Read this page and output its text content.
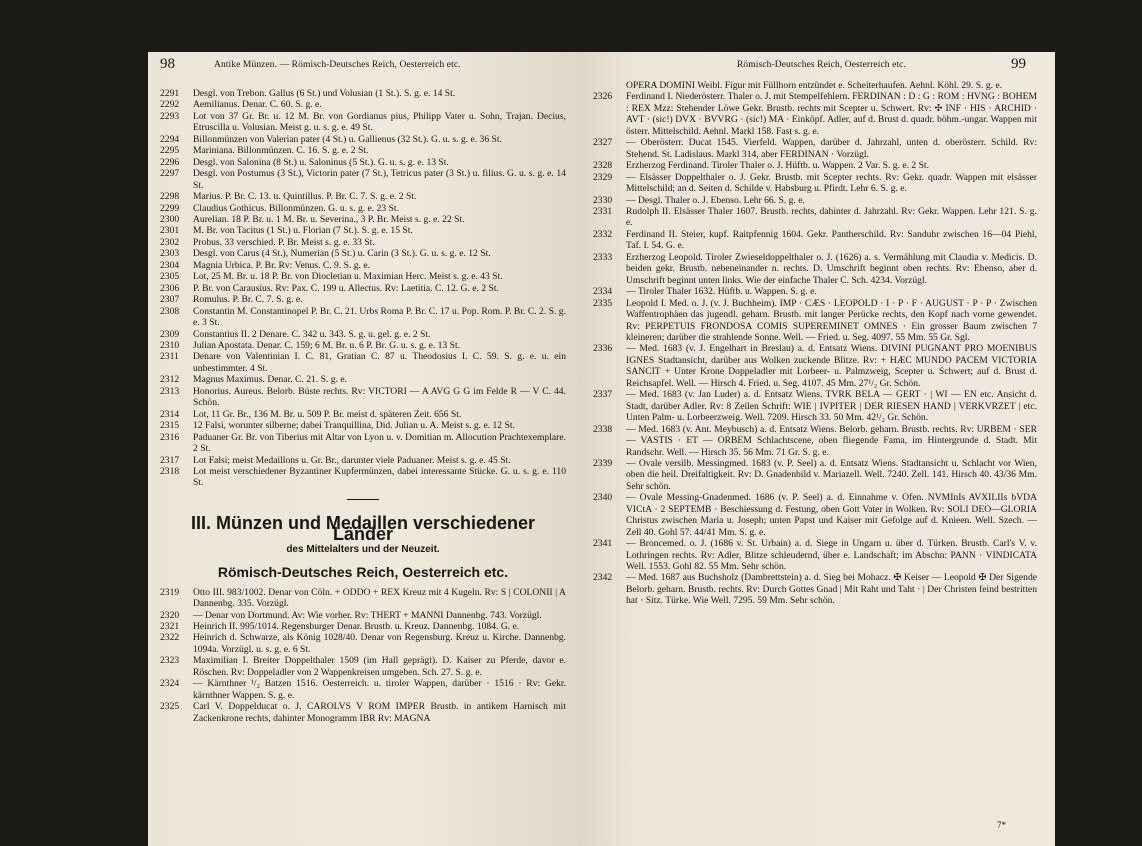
98	Antike Münzen. — Römisch-Deutsches Reich, Oesterreich etc.
2291 Desgl. von Trebon. Gallus (6 St.) und Volusian (1 St.). S. g. e. 14 St.
2292 Aemilianus. Denar. C. 60. S. g. e.
2293 Lot von 37 Gr. Br. u. 12 M. Br. von Gordianus pius, Philipp Vater u. Sohn, Trajan. Decius, Etruscilla u. Volusian. Meist g. u. s. g. e. 49 St.
2294 Billonmünzen von Valerian pater (4 St.) u. Gallienus (32 St.). G. u. s. g. e. 36 St.
2295 Mariniana. Billonmünzen. C. 16. S. g. e. 2 St.
2296 Desgl. von Salonina (8 St.) u. Saloninus (5 St.). G. u. s. g. e. 13 St.
2297 Desgl. von Postumus (3 St.), Victorin pater (7 St.), Tetricus pater (3 St.) u. filius. G. u. s. g. e. 14 St.
2298 Marius. P. Br. C. 13. u. Quintillus. P. Br. C. 7. S. g. e. 2 St.
2299 Claudius Gothicus. Billonmünzen. G. u. s. g. e. 23 St.
2300 Aurelian. 18 P. Br. u. 1 M. Br. u. Severina., 3 P. Br. Meist s. g. e. 22 St.
2301 M. Br. von Tacitus (1 St.) u. Florian (7 St.). S. g. e. 15 St.
2302 Probus. 33 verschied. P. Br. Meist s. g. e. 33 St.
2303 Desgl. von Carus (4 St.), Numerian (5 St.) u. Carin (3 St.). G. u. s. g. e. 12 St.
2304 Magnia Urbica. P. Br. Rv: Venus. C. 9. S. g. e.
2305 Lot, 25 M. Br. u. 18 P. Br. von Diocletian u. Maximian Herc. Meist s. g. e. 43 St.
2306 P. Br. von Carausius. Rv: Pax. C. 199 u. Allectus. Rv: Laetitia. C. 12. G. e. 2 St.
2307 Romulus. P. Br. C. 7. S. g. e.
2308 Constantin M. Constantinopel P. Br. C. 21. Urbs Roma P. Br. C. 17 u. Pop. Rom. P. Br. C. 2. S. g. e. 3 St.
2309 Constantius II. 2 Denare. C. 342 u. 343. S. g. u. gel. g. e. 2 St.
2310 Julian Apostata. Denar. C. 159; 6 M. Br. u. 6 P. Br. G. u. s. g. e. 13 St.
2311 Denare von Valentinian I. C. 81, Gratian C. 87 u. Theodosius I. C. 59. S. g. e. u. ein unbestimmter. 4 St.
2312 Magnus Maximus. Denar. C. 21. S. g. e.
2313 Honorius. Aureus. Belorb. Büste rechts. Rv: VICTORI — A AVG G G im Felde R — V C. 44. Schön.
2314 Lot, 11 Gr. Br., 136 M. Br. u. 509 P. Br. meist d. späteren Zeit. 656 St.
2315 12 Falsi, worunter silberne; dabei Tranquillina, Did. Julian u. A. Meist s. g. e. 12 St.
2316 Paduaner Gr. Br. von Tiberius mit Altar von Lyon u. v. Domitian m. Allocution Prachtexemplare. 2 St.
2317 Lot Falsi; meist Medaillons u. Gr. Br., darunter viele Paduaner. Meist s. g. e. 45 St.
2318 Lot meist verschiedener Byzantiner Kupfermünzen, dabei interessante Stücke. G. u. s. g. e. 110 St.
III. Münzen und Medaillen verschiedener Länder
des Mittelalters und der Neuzeit.
Römisch-Deutsches Reich, Oesterreich etc.
2319 Otto III. 983/1002. Denar von Cöln. + ODDO + REX Kreuz mit 4 Kugeln. Rv: S | COLONII | A Dannenbg. 335. Vorzügl.
2320 — Denar von Dortmund. Av: Wie vorher. Rv: THERT + MANNI Dannenbg. 743. Vorzügl.
2321 Heinrich II. 995/1014. Regensburger Denar. Brustb. u. Kreuz. Dannenbg. 1084. G. e.
2322 Heinrich d. Schwarze, als König 1028/40. Denar von Regensburg. Kreuz u. Kirche. Dannenbg. 1094a. Vorzügl. u. s. g. e. 6 St.
2323 Maximilian I. Breiter Doppelthaler 1509 (im Hall geprägt). D. Kaiser zu Pferde, davor e. Röschen. Rv: Doppeladler von 2 Wappenkreisen umgeben. Sch. 27. S. g. e.
2324 — Kärnthner ¹/₂ Batzen 1516. Oesterreich. u. tiroler Wappen, darüber · 1516 · Rv: Gekr. kärnthner Wappen. S. g. e.
2325 Carl V. Doppelducat o. J. CAROLVS V ROM IMPER Brustb. in antikem Harnisch mit Zackenkrone rechts, dahinter Monogramm IBR Rv: MAGNA
Römisch-Deutsches Reich, Oesterreich etc.	99
OPERA DOMINI Weibl. Figur mit Füllhorn entzündet e. Scheiterhaufen. Aehnl. Köhl. 29. S. g. e.
2326 Ferdinand I. Niederösterr. Thaler o. J. mit Stempelfehlern. FERDINAN : D : G : ROM : HVNG : BOHEM : REX Mzz: Stehender Löwe Gekr. Brustb. rechts mit Scepter u. Schwert. Rv: ✣ INF · HIS · ARCHID · AVT · (sic!) DVX · BVVRG · (sic!) MA · Einköpf. Adler, auf d. Brust d. quadr. böhm.-ungar. Wappen mit österr. Mittelschild. Aehnl. Markl 158. Fast s. g. e.
2327 — Oberösterr. Ducat 1545. Vierfeld. Wappen, darüber d. Jahrzahl, unten d. oberösterr. Schild. Rv: Stehend. St. Ladislaus. Markl 314, aber FERDINAN · Vorzügl.
2328 Erzherzog Ferdinand. Tiroler Thaler o. J. Hüftb. u. Wappen. 2 Var. S. g. e. 2 St.
2329 — Elsässer Doppelthaler o. J. Gekr. Brustb. mit Scepter rechts. Rv: Gekr. quadr. Wappen mit elsässer Mittelschild; an d. Seiten d. Schilde v. Habsburg u. Pfirdt. Lehr 6. S. g. e.
2330 — Desgl. Thaler o. J. Ebenso. Lehr 66. S. g. e.
2331 Rudolph II. Elsässer Thaler 1607. Brustb. rechts, dahinter d. Jahrzahl. Rv: Gekr. Wappen. Lehr 121. S. g. e.
2332 Ferdinand II. Steier, kupf. Raitpfennig 1604. Gekr. Pantherschild. Rv: Sanduhr zwischen 16—04 Piehl, Taf. I. 54. G. e.
2333 Erzherzog Leopold. Tiroler Zwieseldoppelthaler o. J. (1626) a. s. Vermählung mit Claudia v. Medicis. D. beiden gekr. Brustb. nebeneinander n. rechts. D. Umschrift beginnt oben rechts. Rv: Ebenso, aber d. Umschrift beginnt unten links. Wie der einfache Thaler C. Sch. 4234. Vorzügl.
2334 — Tiroler Thaler 1632. Hüftb. u. Wappen. S. g. e.
2335 Leopold I. Med. o. J. (v. J. Buchheim). IMP · CÆS · LEOPOLD · I · P · F · AUGUST · P · P · Zwischen Waffentrophäen das jugendl. geharn. Brustb. mit langer Perücke rechts, den Kopf nach vorne gewendet. Rv: PERPETUIS FRONDOSA COMIS SUPEREMINET OMNES · Ein grosser Baum zwischen 7 kleineren; darüber die strahlende Sonne. Well. — Fried. u. Seg. 4097. 55 Mm. 55 Gr. Sgl.
2336 — Med. 1683 (v. J. Engelhart in Breslau) a. d. Entsatz Wiens. DIVINI PUGNANT PRO MOENIBUS IGNES Stadtansicht, darüber aus Wolken zuckende Blitze. Rv: + HÆC MUNDO PACEM VICTORIA SANCIT + Unter Krone Doppeladler mit Lorbeer- u. Palmzweig, Scepter u. Schwert; auf d. Brust d. Reichsapfel. Well. — Hirsch 4. Fried. u. Seg. 4107. 45 Mm. 27¹/₂ Gr. Schön.
2337 — Med. 1683 (v. Jan Luder) a. d. Entsatz Wiens. TVRK BELA — GERT · | WI — EN etc. Ansicht d. Stadt, darüber Adler. Rv: 8 Zeilen Schrift: WIE | IVPITER | DER RIESEN HAND | VERKVRZET | etc. Unten Palm- u. Lorbeerzweig. Well. 7209. Hirsch 33. 50 Mm. 42¹/₂ Gr. Schön.
2338 — Med. 1683 (v. Ant. Meybusch) a. d. Entsatz Wiens. Belorb. geharn. Brustb. rechts. Rv: URBEM · SER — VASTIS · ET — ORBEM Schlachtscene, oben fliegende Fama, im Hintergrunde d. Stadt. Mit Randschr. Well. — Hirsch 35. 56 Mm. 71 Gr. S. g. e.
2339 — Ovale versilb. Messingmed. 1683 (v. P. Seel) a. d. Entsatz Wiens. Stadtansicht u. Schlacht vor Wien, oben die heil. Dreifaltigkeit. Rv: D. Gnadenbild v. Mariazell. Well. 7240. Zell. 141. Hirsch 40. 43/36 Mm. Sehr schön.
2340 — Ovale Messing-Gnadenmed. 1686 (v. P. Seel) a. d. Einnahme v. Ofen. NVMInIs AVXILIIs bVDA VICtA · 2 SEPTEMB · Beschiessung d. Festung, oben Gott Vater in Wolken. Rv: SOLI DEO—GLORIA Christus zwischen Maria u. Joseph; unten Papst und Kaiser mit Gefolge auf d. Knieen. Well. Szech. — Zell 40. Gohl 57. 44/41 Mm. S. g. e.
2341 — Broncemed. o. J. (1686 v. St. Urbain) a. d. Siege in Ungarn u. über d. Türken. Brustb. Carl's V. v. Lothringen rechts. Rv: Adler, Blitze schleudernd, über e. Landschaft; im Abschn: PANN · VINDICATA Well. 1553. Gohl 82. 55 Mm. Sehr schön.
2342 — Med. 1687 aus Buchsholz (Dambrettstein) a. d. Sieg bei Mohacz. ✠ Keiser — Leopold ✠ Der Sigende Belorb. geharn. Brustb. rechts. Rv: Durch Gottes Gnad | Mit Raht und Taht · | Der Christen feind bestritten hat · Sitz. Türke. Wie Well. 7295. 59 Mm. Sehr schön.
7*
